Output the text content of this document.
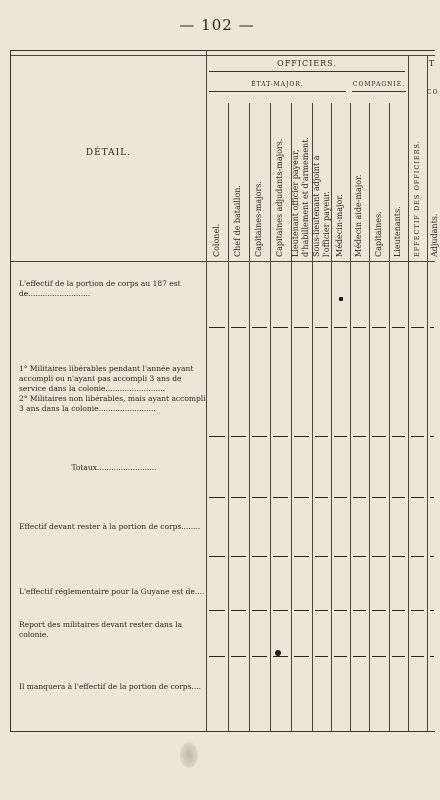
— 102 —
OFFICIERS.
ÉTAT-MAJOR.	COMPAGNIE.
T
CO
DÉTAIL.
Colonel. Chef de bataillon. Capitaines-majors. Capitaines adjudants-majors. Lieutenant officier payeur, d'habillement et d'armement. Sous-lieutenant adjoint à l'officier payeur. Médecin-major. Médecin aide-major. Capitaines. Lieutenants. EFFECTIF DES OFFICIERS. Adjudants.
L'effectif de la portion de corps au 187 est de..........................
1° Militaires libérables pendant l'année ayant accompli ou n'ayant pas accompli 3 ans de service dans la colonie.........................
2° Militaires non libérables, mais ayant accompli 3 ans dans la colonie........................
Totaux.........................
Effectif devant rester à la portion de corps........
L'effectif réglementaire pour la Guyane est de....
Report des militaires devant rester dans la colonie.
Il manquera à l'effectif de la portion de corps....
